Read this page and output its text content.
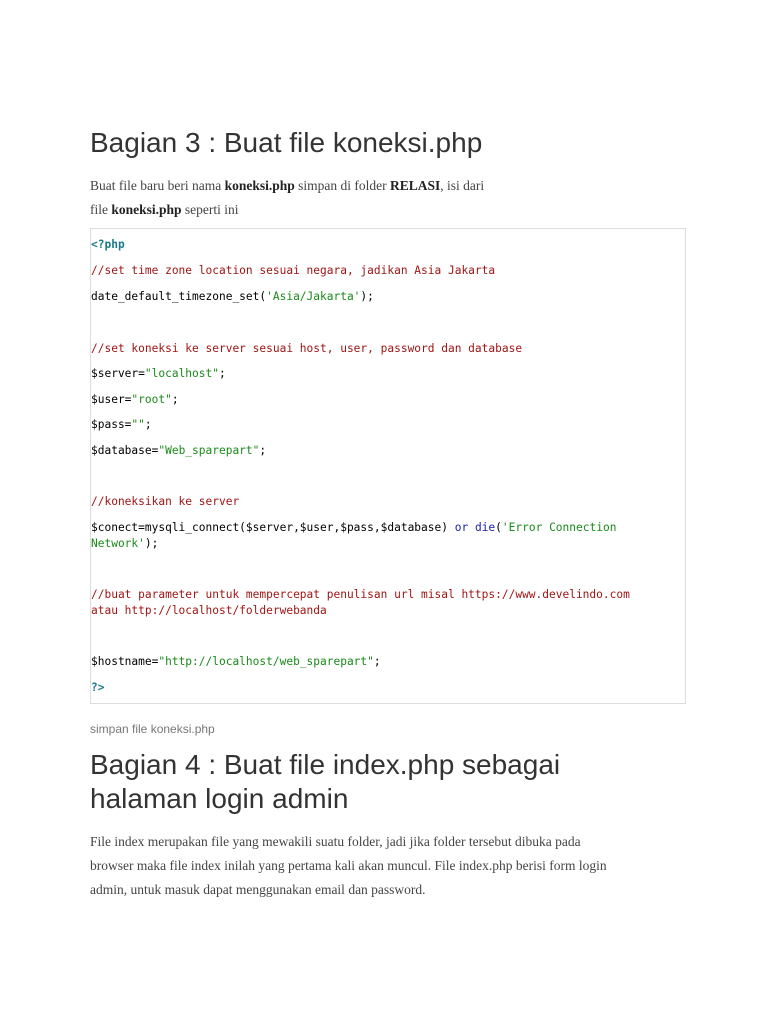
Bagian 3 : Buat file koneksi.php

Buat file baru beri nama koneksi.php simpan di folder RELASI, isi dari
file koneksi.php seperti ini

<?php
//set time zone location sesuai negara, jadikan Asia Jakarta
date_default_timezone_set('Asia/Jakarta');
//set koneksi ke server sesuai host, user, password dan database
$server="localhost";
$user="root";
$pass="";
$database="Web_sparepart";
//koneksikan ke server
$conect=mysqli_connect($server,$user,$pass,$database) or die('Error Connection
Network');
//buat parameter untuk mempercepat penulisan url misal https://www.develindo.com
atau http://localhost/folderwebanda
$hostname="http://localhost/web_sparepart";
?>
simpan file koneksi.php
Bagian 4 : Buat file index.php sebagai halaman login admin

File index merupakan file yang mewakili suatu folder, jadi jika folder tersebut dibuka pada
browser maka file index inilah yang pertama kali akan muncul. File index.php berisi form login
admin, untuk masuk dapat menggunakan email dan password.
